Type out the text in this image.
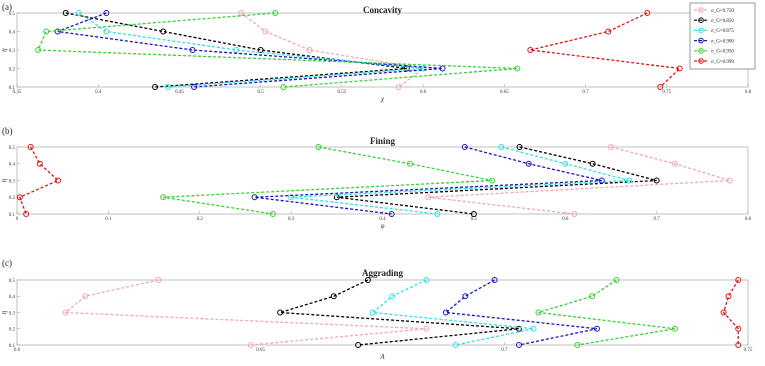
(a)	Concavity
0.1
0.2
0.3
0.4
0.5
0.35	0.4	0.45	0.5	0.55	0.6	0.65	0.7	0.75	0.8
χ
η
(b)
Fining
0.1
0.2
0.3
0.4
0.5
0	0.1	0.2	0.3	0.4	0.5	0.6	0.7	0.8
φ
η
(c)
Aggrading
0.1
0.2
0.3
0.4
0.5
0.6	0.65	0.7	0.75
A
η
σ_G=0.750
σ_G=0.850
σ_G=0.875
σ_G=0.900
σ_G=0.950
σ_G=0.999
